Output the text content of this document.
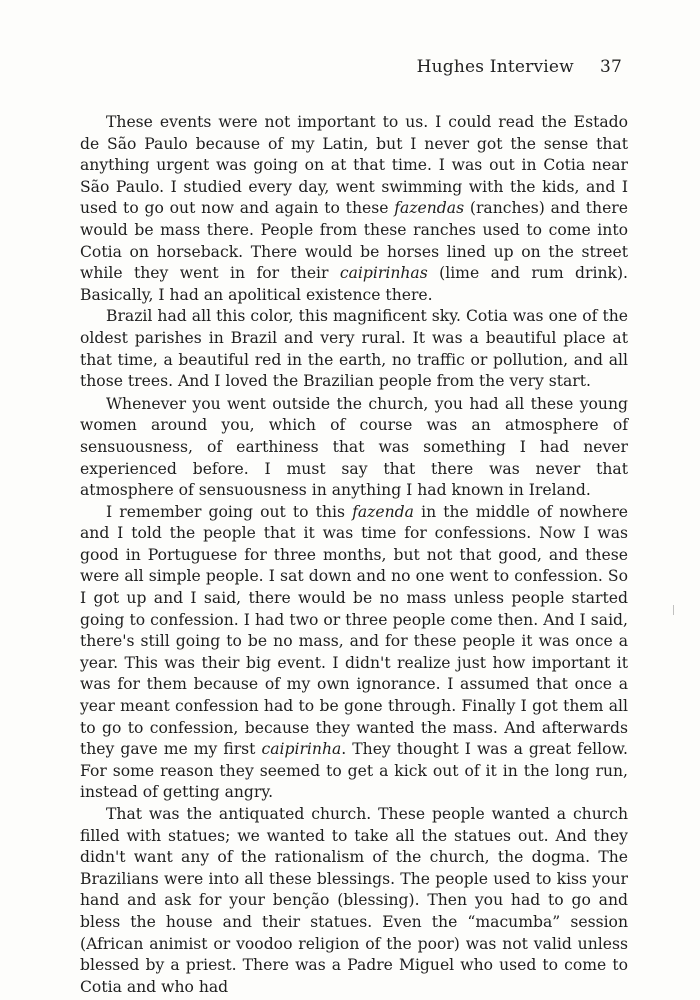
Hughes Interview 37

These events were not important to us. I could read the Estado de São Paulo because of my Latin, but I never got the sense that anything urgent was going on at that time. I was out in Cotia near São Paulo. I studied every day, went swimming with the kids, and I used to go out now and again to these fazendas (ranches) and there would be mass there. People from these ranches used to come into Cotia on horseback. There would be horses lined up on the street while they went in for their caipirinhas (lime and rum drink). Basically, I had an apolitical existence there.

Brazil had all this color, this magnificent sky. Cotia was one of the oldest parishes in Brazil and very rural. It was a beautiful place at that time, a beautiful red in the earth, no traffic or pollution, and all those trees. And I loved the Brazilian people from the very start.

Whenever you went outside the church, you had all these young women around you, which of course was an atmosphere of sensuousness, of earthiness that was something I had never experienced before. I must say that there was never that atmosphere of sensuousness in anything I had known in Ireland.

I remember going out to this fazenda in the middle of nowhere and I told the people that it was time for confessions. Now I was good in Portuguese for three months, but not that good, and these were all simple people. I sat down and no one went to confession. So I got up and I said, there would be no mass unless people started going to confession. I had two or three people come then. And I said, there's still going to be no mass, and for these people it was once a year. This was their big event. I didn't realize just how important it was for them because of my own ignorance. I assumed that once a year meant confession had to be gone through. Finally I got them all to go to confession, because they wanted the mass. And afterwards they gave me my first caipirinha. They thought I was a great fellow. For some reason they seemed to get a kick out of it in the long run, instead of getting angry.

That was the antiquated church. These people wanted a church filled with statues; we wanted to take all the statues out. And they didn't want any of the rationalism of the church, the dogma. The Brazilians were into all these blessings. The people used to kiss your hand and ask for your benção (blessing). Then you had to go and bless the house and their statues. Even the “macumba” session (African animist or voodoo religion of the poor) was not valid unless blessed by a priest. There was a Padre Miguel who used to come to Cotia and who had
